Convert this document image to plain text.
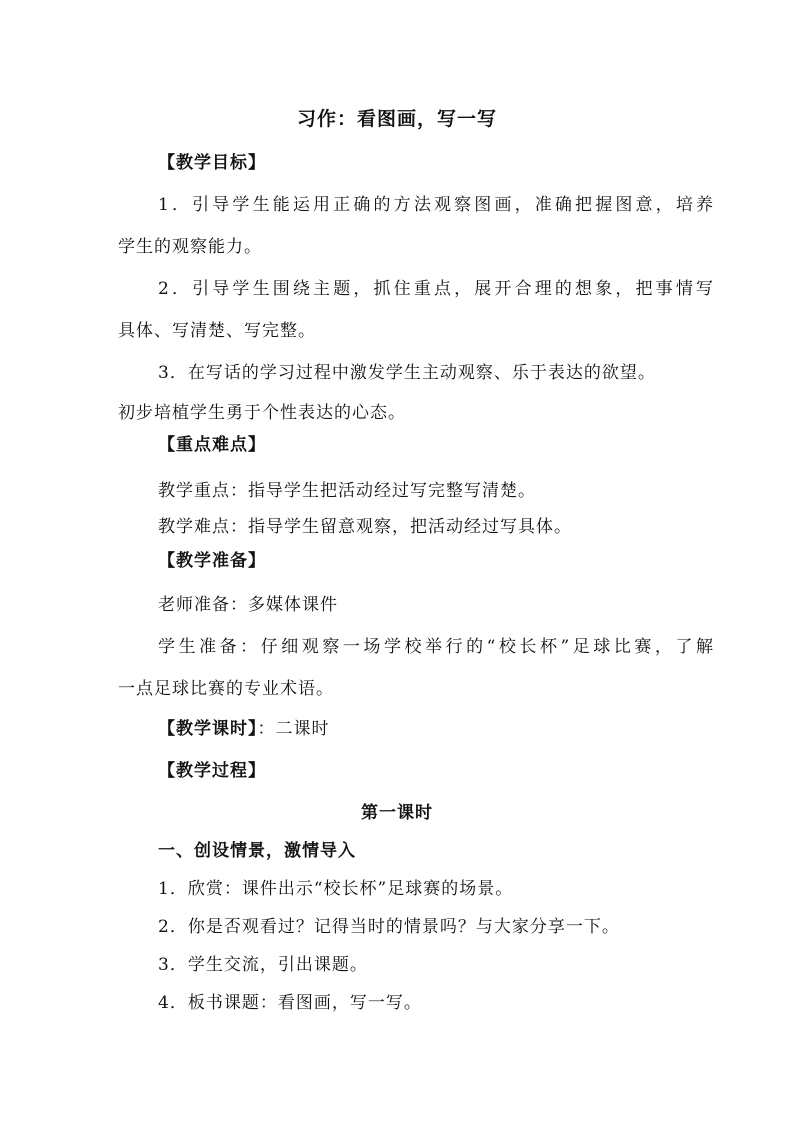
习作：看图画，写一写
【教学目标】
1．引导学生能运用正确的方法观察图画，准确把握图意，培养
学生的观察能力。
2．引导学生围绕主题，抓住重点，展开合理的想象，把事情写
具体、写清楚、写完整。
3．在写话的学习过程中激发学生主动观察、乐于表达的欲望。
初步培植学生勇于个性表达的心态。
【重点难点】
教学重点：指导学生把活动经过写完整写清楚。
教学难点：指导学生留意观察，把活动经过写具体。
【教学准备】
老师准备：多媒体课件
学生准备：仔细观察一场学校举行的“校长杯”足球比赛，了解
一点足球比赛的专业术语。
【教学课时】：二课时
【教学过程】
第一课时
一、创设情景，激情导入
1．欣赏：课件出示“校长杯”足球赛的场景。
2．你是否观看过？记得当时的情景吗？与大家分享一下。
3．学生交流，引出课题。
4．板书课题：看图画，写一写。
